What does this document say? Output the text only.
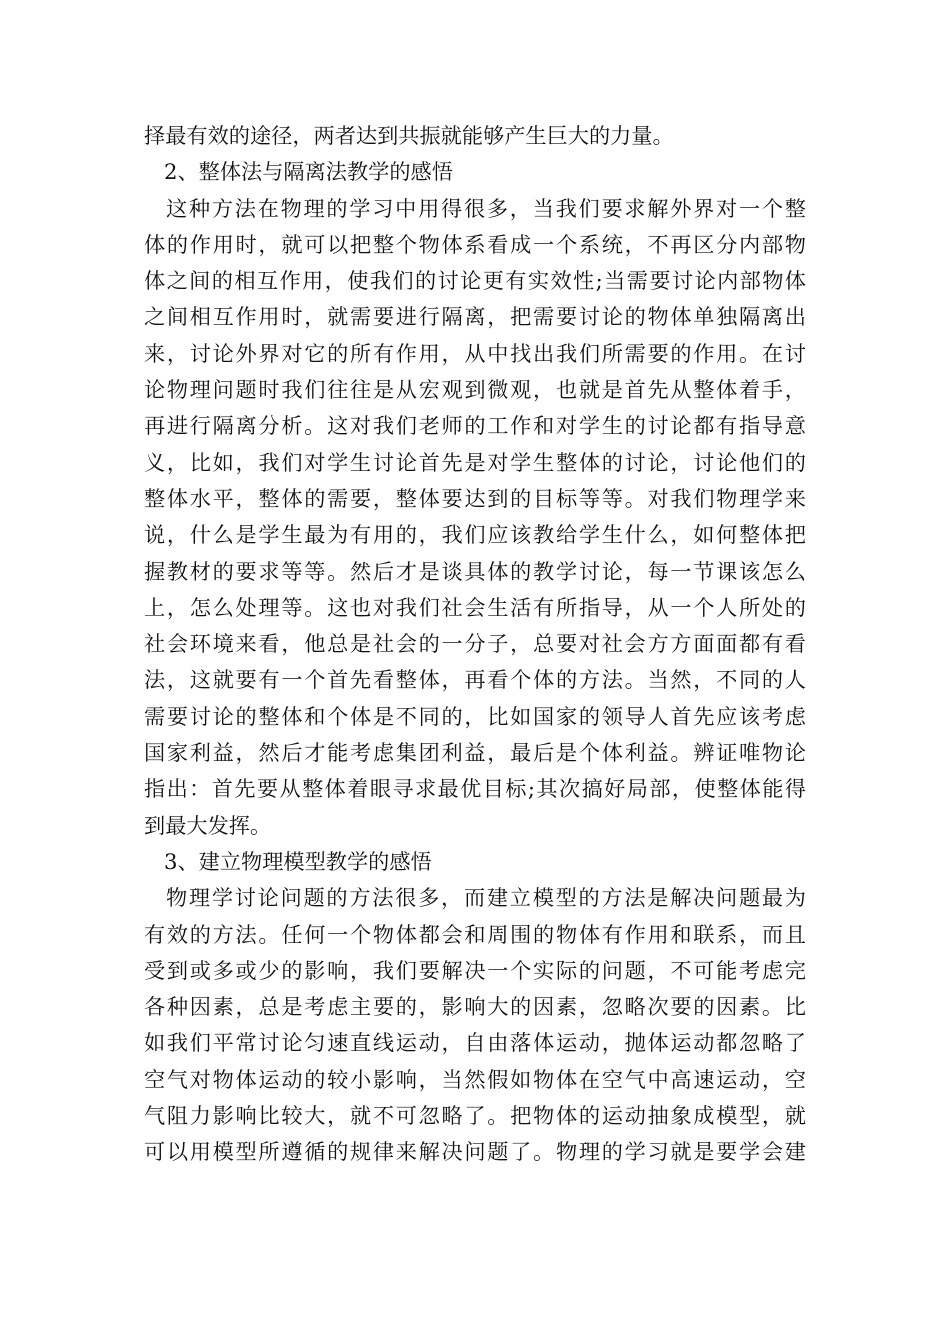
择最有效的途径，两者达到共振就能够产生巨大的力量。
2、整体法与隔离法教学的感悟
这种方法在物理的学习中用得很多，当我们要求解外界对一个整
体的作用时，就可以把整个物体系看成一个系统，不再区分内部物
体之间的相互作用，使我们的讨论更有实效性;当需要讨论内部物体
之间相互作用时，就需要进行隔离，把需要讨论的物体单独隔离出
来，讨论外界对它的所有作用，从中找出我们所需要的作用。在讨
论物理问题时我们往往是从宏观到微观，也就是首先从整体着手，
再进行隔离分析。这对我们老师的工作和对学生的讨论都有指导意
义，比如，我们对学生讨论首先是对学生整体的讨论，讨论他们的
整体水平，整体的需要，整体要达到的目标等等。对我们物理学来
说，什么是学生最为有用的，我们应该教给学生什么，如何整体把
握教材的要求等等。然后才是谈具体的教学讨论，每一节课该怎么
上，怎么处理等。这也对我们社会生活有所指导，从一个人所处的
社会环境来看，他总是社会的一分子，总要对社会方方面面都有看
法，这就要有一个首先看整体，再看个体的方法。当然，不同的人
需要讨论的整体和个体是不同的，比如国家的领导人首先应该考虑
国家利益，然后才能考虑集团利益，最后是个体利益。辨证唯物论
指出：首先要从整体着眼寻求最优目标;其次搞好局部，使整体能得
到最大发挥。
3、建立物理模型教学的感悟
物理学讨论问题的方法很多，而建立模型的方法是解决问题最为
有效的方法。任何一个物体都会和周围的物体有作用和联系，而且
受到或多或少的影响，我们要解决一个实际的问题，不可能考虑完
各种因素，总是考虑主要的，影响大的因素，忽略次要的因素。比
如我们平常讨论匀速直线运动，自由落体运动，抛体运动都忽略了
空气对物体运动的较小影响，当然假如物体在空气中高速运动，空
气阻力影响比较大，就不可忽略了。把物体的运动抽象成模型，就
可以用模型所遵循的规律来解决问题了。物理的学习就是要学会建
